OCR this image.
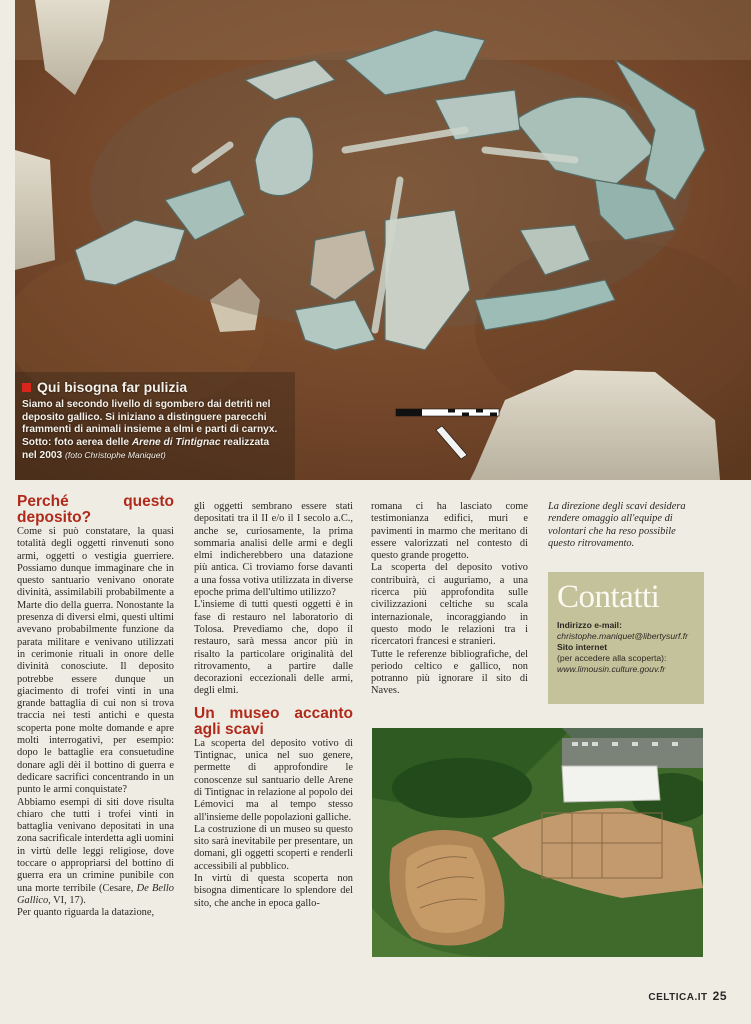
Qui bisogna far pulizia
Siamo al secondo livello di sgombero dai detriti nel deposito gallico. Si iniziano a distinguere parecchi frammenti di animali insieme a elmi e parti di carnyx. Sotto: foto aerea delle Arene di Tintignac realizzata nel 2003 (foto Christophe Maniquet)
Perché questo deposito?

Come si può constatare, la quasi totalità degli oggetti rinvenuti sono armi, oggetti o vestigia guerriere. Possiamo dunque immaginare che in questo santuario venivano onorate divinità, assimilabili probabilmente a Marte dio della guerra. Nonostante la presenza di diversi elmi, questi ultimi avevano probabilmente funzione da parata militare e venivano utilizzati in cerimonie rituali in onore delle divinità conosciute. Il deposito potrebbe essere dunque un giacimento di trofei vinti in una grande battaglia di cui non si trova traccia nei testi antichi e questa scoperta pone molte domande e apre molti interrogativi, per esempio: dopo le battaglie era consuetudine donare agli dèi il bottino di guerra e dedicare sacrifici concentrando in un punto le armi conquistate?

Abbiamo esempi di siti dove risulta chiaro che tutti i trofei vinti in battaglia venivano depositati in una zona sacrificale interdetta agli uomini in virtù delle leggi religiose, dove toccare o appropriarsi del bottino di guerra era un crimine punibile con una morte terribile (Cesare, De Bello Gallico, VI, 17).

Per quanto riguarda la datazione,

gli oggetti sembrano essere stati depositati tra il II e/o il I secolo a.C., anche se, curiosamente, la prima sommaria analisi delle armi e degli elmi indicherebbero una datazione più antica. Ci troviamo forse davanti a una fossa votiva utilizzata in diverse epoche prima dell'ultimo utilizzo?

L'insieme di tutti questi oggetti è in fase di restauro nel laboratorio di Tolosa. Prevediamo che, dopo il restauro, sarà messa ancor più in risalto la particolare originalità del ritrovamento, a partire dalle decorazioni eccezionali delle armi, degli elmi.

Un museo accanto agli scavi

La scoperta del deposito votivo di Tintignac, unica nel suo genere, permette di approfondire le conoscenze sul santuario delle Arene di Tintignac in relazione al popolo dei Lémovici ma al tempo stesso all'insieme delle popolazioni galliche.

La costruzione di un museo su questo sito sarà inevitabile per presentare, un domani, gli oggetti scoperti e renderli accessibili al pubblico.

In virtù di questa scoperta non bisogna dimenticare lo splendore del sito, che anche in epoca gallo-

romana ci ha lasciato come testimonianza edifici, muri e pavimenti in marmo che meritano di essere valorizzati nel contesto di questo grande progetto.

La scoperta del deposito votivo contribuirà, ci auguriamo, a una ricerca più approfondita sulle civilizzazioni celtiche su scala internazionale, incoraggiando in questo modo le relazioni tra i ricercatori francesi e stranieri.

Tutte le referenze bibliografiche, del periodo celtico e gallico, non potranno più ignorare il sito di Naves.

La direzione degli scavi desidera rendere omaggio all'equipe di volontari che ha reso possibile questo ritrovamento.

Contatti
Indirizzo e-mail:
christophe.maniquet@libertysurf.fr
Sito internet
(per accedere alla scoperta):
www.limousin.culture.gouv.fr
CELTICA.IT 25
